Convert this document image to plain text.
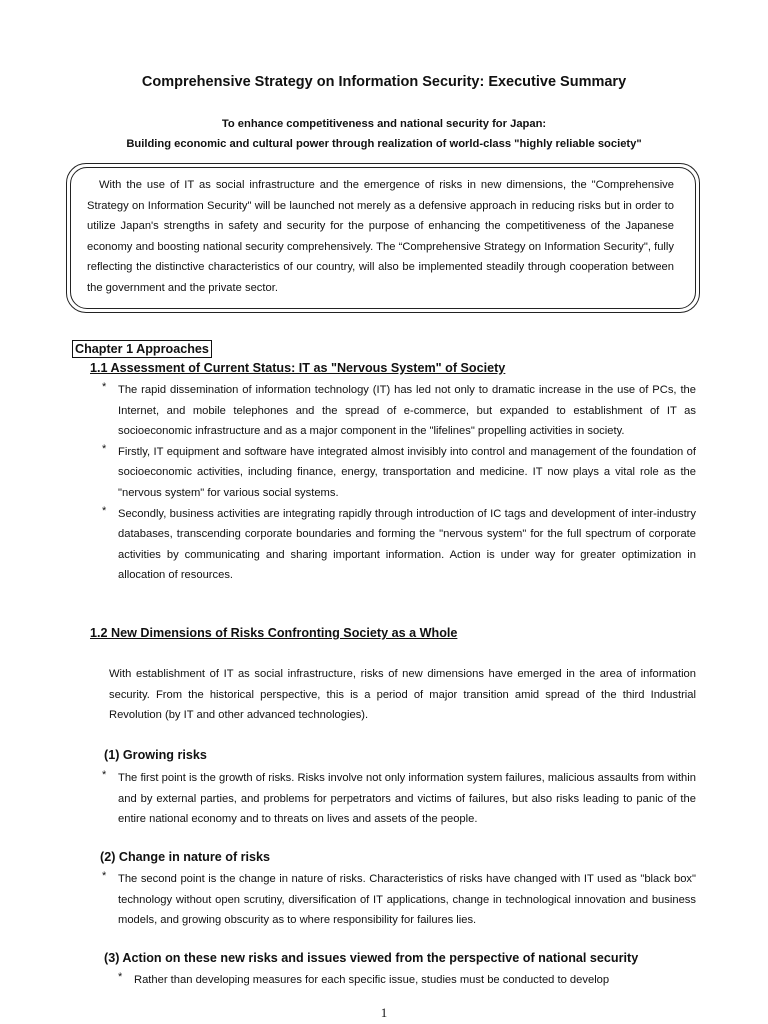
Comprehensive Strategy on Information Security: Executive Summary
To enhance competitiveness and national security for Japan:
Building economic and cultural power through realization of world-class "highly reliable society"
With the use of IT as social infrastructure and the emergence of risks in new dimensions, the "Comprehensive Strategy on Information Security" will be launched not merely as a defensive approach in reducing risks but in order to utilize Japan's strengths in safety and security for the purpose of enhancing the competitiveness of the Japanese economy and boosting national security comprehensively. The “Comprehensive Strategy on Information Security", fully reflecting the distinctive characteristics of our country, will also be implemented steadily through cooperation between the government and the private sector.
Chapter 1 Approaches
1.1 Assessment of Current Status: IT as "Nervous System" of Society
* The rapid dissemination of information technology (IT) has led not only to dramatic increase in the use of PCs, the Internet, and mobile telephones and the spread of e-commerce, but expanded to establishment of IT as socioeconomic infrastructure and as a major component in the "lifelines" propelling activities in society.
* Firstly, IT equipment and software have integrated almost invisibly into control and management of the foundation of socioeconomic activities, including finance, energy, transportation and medicine. IT now plays a vital role as the "nervous system" for various social systems.
* Secondly, business activities are integrating rapidly through introduction of IC tags and development of inter-industry databases, transcending corporate boundaries and forming the "nervous system" for the full spectrum of corporate activities by communicating and sharing important information. Action is under way for greater optimization in allocation of resources.
1.2 New Dimensions of Risks Confronting Society as a Whole
With establishment of IT as social infrastructure, risks of new dimensions have emerged in the area of information security. From the historical perspective, this is a period of major transition amid spread of the third Industrial Revolution (by IT and other advanced technologies).
(1) Growing risks
* The first point is the growth of risks. Risks involve not only information system failures, malicious assaults from within and by external parties, and problems for perpetrators and victims of failures, but also risks leading to panic of the entire national economy and to threats on lives and assets of the people.
(2) Change in nature of risks
* The second point is the change in nature of risks. Characteristics of risks have changed with IT used as "black box" technology without open scrutiny, diversification of IT applications, change in technological innovation and business models, and growing obscurity as to where responsibility for failures lies.
(3) Action on these new risks and issues viewed from the perspective of national security
* Rather than developing measures for each specific issue, studies must be conducted to develop
1
